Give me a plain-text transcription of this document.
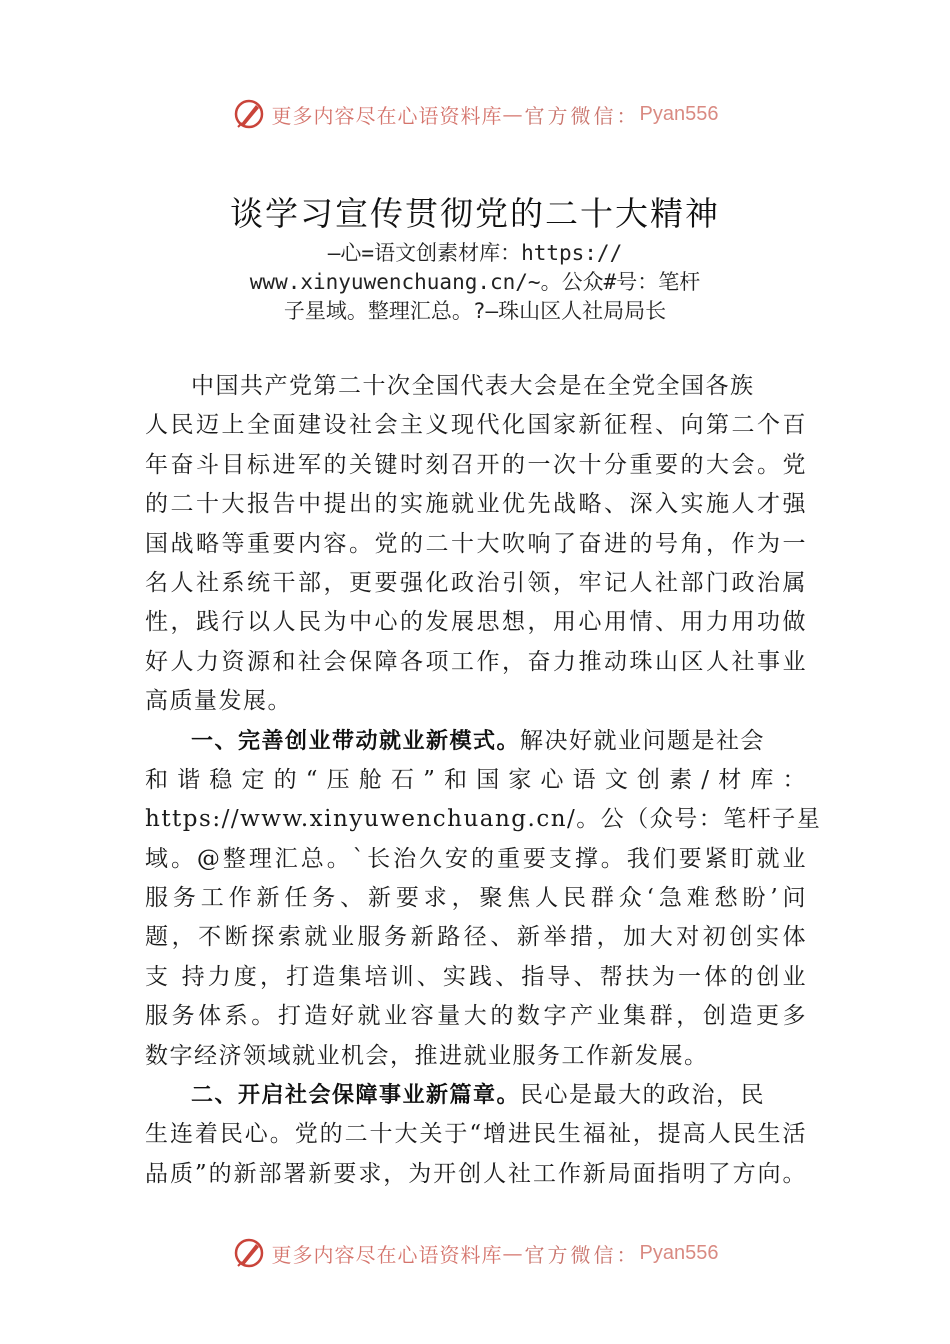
更多内容尽在心语资料库 — 官方微信： Pyan556
谈学习宣传贯彻党的二十大精神
—心=语文创素材库：https://
www.xinyuwenchuang.cn/~。公众#号：笔杆
子星域。整理汇总。?—珠山区人社局局长
中国共产党第二十次全国代表大会是在全党全国各族
人民迈上全面建设社会主义现代化国家新征程、向第二个百
年奋斗目标进军的关键时刻召开的一次十分重要的大会。党
的二十大报告中提出的实施就业优先战略、深入实施人才强
国战略等重要内容。党的二十大吹响了奋进的号角，作为一
名人社系统干部，更要强化政治引领，牢记人社部门政治属
性，践行以人民为中心的发展思想，用心用情、用力用功做
好人力资源和社会保障各项工作，奋力推动珠山区人社事业
高质量发展。
一、完善创业带动就业新模式。解决好就业问题是社会
和谐稳定的“压舱石”和国家心语文创素/材库：
https://www.xinyuwenchuang.cn/。公（众号：笔杆子星
域。@整理汇总。`长治久安的重要支撑。我们要紧盯就业
服务工作新任务、新要求，聚焦人民群众‘急难愁盼’问
题，不断探索就业服务新路径、新举措，加大对初创实体
支 持力度，打造集培训、实践、指导、帮扶为一体的创业
服务体系。打造好就业容量大的数字产业集群，创造更多
数字经济领域就业机会，推进就业服务工作新发展。
二、开启社会保障事业新篇章。民心是最大的政治，民
生连着民心。党的二十大关于“增进民生福祉，提高人民生活
品质”的新部署新要求，为开创人社工作新局面指明了方向。
更多内容尽在心语资料库 — 官方微信： Pyan556
